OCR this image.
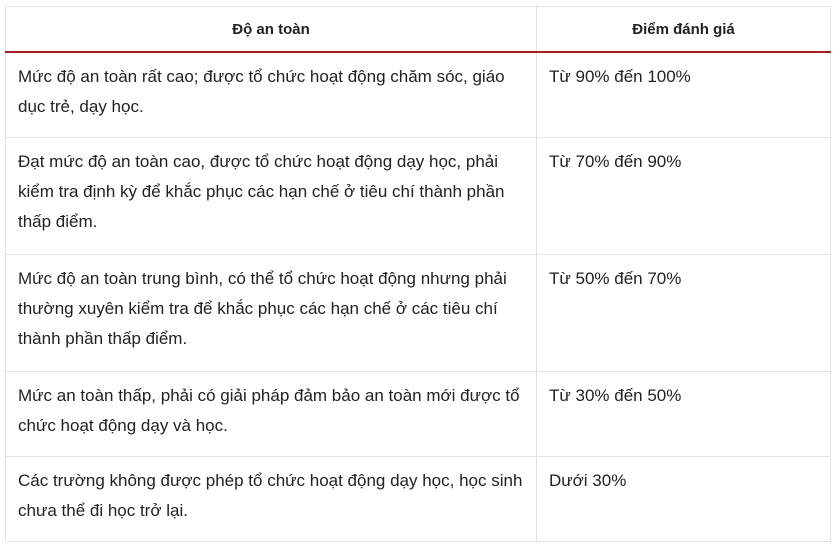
Độ an toàn	Điểm đánh giá
Mức độ an toàn rất cao; được tổ chức hoạt động chăm sóc, giáo dục trẻ, dạy học.	Từ 90% đến 100%
Đạt mức độ an toàn cao, được tổ chức hoạt động dạy học, phải kiểm tra định kỳ để khắc phục các hạn chế ở tiêu chí thành phần thấp điểm.	Từ 70% đến 90%
Mức độ an toàn trung bình, có thể tổ chức hoạt động nhưng phải thường xuyên kiểm tra để khắc phục các hạn chế ở các tiêu chí thành phần thấp điểm.	Từ 50% đến 70%
Mức an toàn thấp, phải có giải pháp đảm bảo an toàn mới được tổ chức hoạt động dạy và học.	Từ 30% đến 50%
Các trường không được phép tổ chức hoạt động dạy học, học sinh chưa thể đi học trở lại.	Dưới 30%
